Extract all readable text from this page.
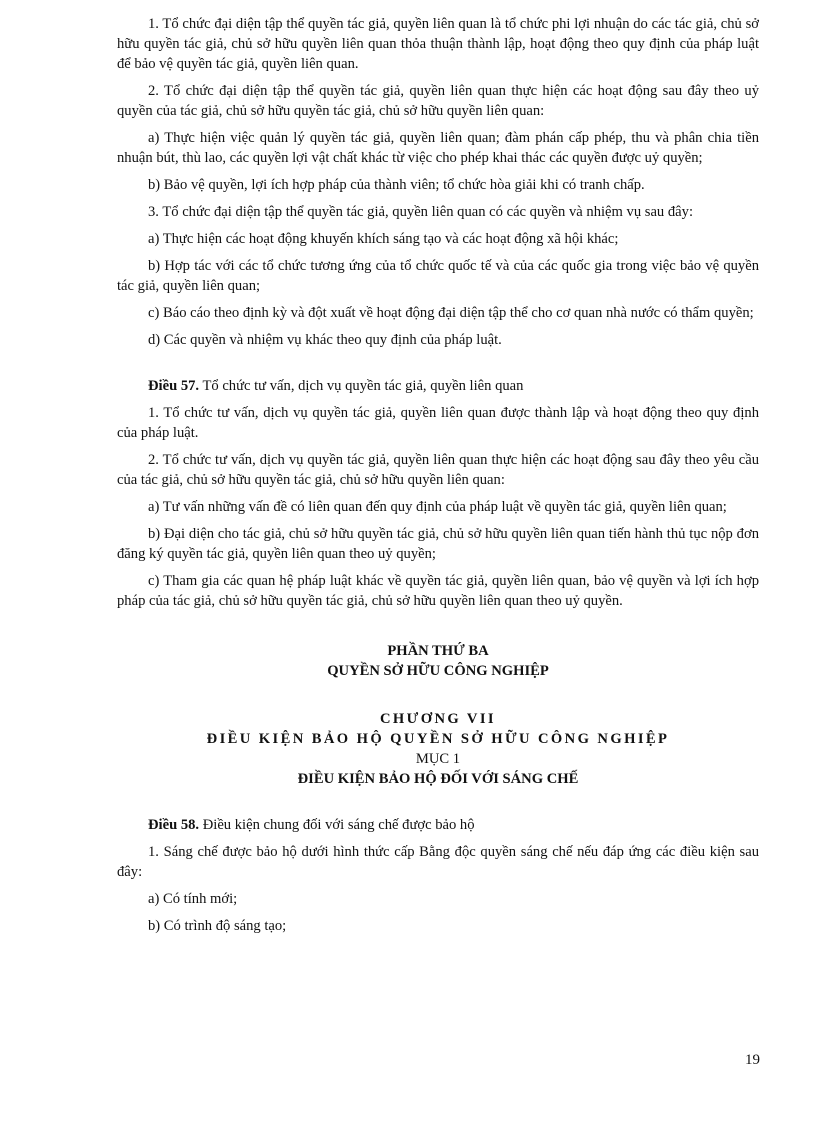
1. Tổ chức đại diện tập thể quyền tác giả, quyền liên quan là tổ chức phi lợi nhuận do các tác giả, chủ sở hữu quyền tác giả, chủ sở hữu quyền liên quan thỏa thuận thành lập, hoạt động theo quy định của pháp luật để bảo vệ quyền tác giả, quyền liên quan.

2. Tổ chức đại diện tập thể quyền tác giả, quyền liên quan thực hiện các hoạt động sau đây theo uỷ quyền của tác giả, chủ sở hữu quyền tác giả, chủ sở hữu quyền liên quan:

a) Thực hiện việc quản lý quyền tác giả, quyền liên quan; đàm phán cấp phép, thu và phân chia tiền nhuận bút, thù lao, các quyền lợi vật chất khác từ việc cho phép khai thác các quyền được uỷ quyền;

b) Bảo vệ quyền, lợi ích hợp pháp của thành viên; tổ chức hòa giải khi có tranh chấp.

3. Tổ chức đại diện tập thể quyền tác giả, quyền liên quan có các quyền và nhiệm vụ sau đây:

a) Thực hiện các hoạt động khuyến khích sáng tạo và các hoạt động xã hội khác;

b) Hợp tác với các tổ chức tương ứng của tổ chức quốc tế và của các quốc gia trong việc bảo vệ quyền tác giả, quyền liên quan;

c) Báo cáo theo định kỳ và đột xuất về hoạt động đại diện tập thể cho cơ quan nhà nước có thẩm quyền;

d) Các quyền và nhiệm vụ khác theo quy định của pháp luật.

Điều 57. Tổ chức tư vấn, dịch vụ quyền tác giả, quyền liên quan

1. Tổ chức tư vấn, dịch vụ quyền tác giả, quyền liên quan được thành lập và hoạt động theo quy định của pháp luật.

2. Tổ chức tư vấn, dịch vụ quyền tác giả, quyền liên quan thực hiện các hoạt động sau đây theo yêu cầu của tác giả, chủ sở hữu quyền tác giả, chủ sở hữu quyền liên quan:

a) Tư vấn những vấn đề có liên quan đến quy định của pháp luật về quyền tác giả, quyền liên quan;

b) Đại diện cho tác giả, chủ sở hữu quyền tác giả, chủ sở hữu quyền liên quan tiến hành thủ tục nộp đơn đăng ký quyền tác giả, quyền liên quan theo uỷ quyền;

c) Tham gia các quan hệ pháp luật khác về quyền tác giả, quyền liên quan, bảo vệ quyền và lợi ích hợp pháp của tác giả, chủ sở hữu quyền tác giả, chủ sở hữu quyền liên quan theo uỷ quyền.

PHẦN THỨ BA

QUYỀN SỞ HỮU CÔNG NGHIỆP

CHƯƠNG VII

ĐIỀU KIỆN BẢO HỘ QUYỀN SỞ HỮU CÔNG NGHIỆP

MỤC 1

ĐIỀU KIỆN BẢO HỘ ĐỐI VỚI SÁNG CHẾ

Điều 58. Điều kiện chung đối với sáng chế được bảo hộ

1. Sáng chế được bảo hộ dưới hình thức cấp Bằng độc quyền sáng chế nếu đáp ứng các điều kiện sau đây:

a) Có tính mới;

b) Có trình độ sáng tạo;

19
